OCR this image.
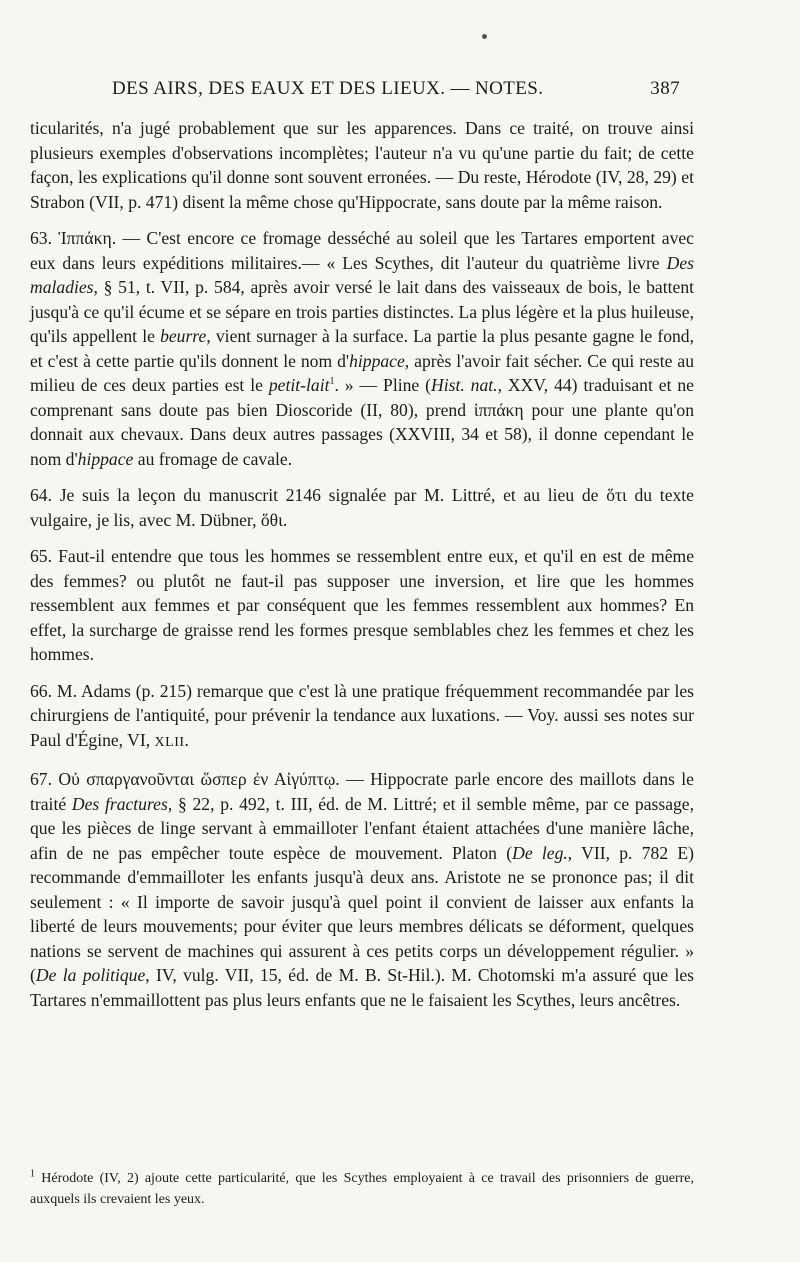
DES AIRS, DES EAUX ET DES LIEUX. — NOTES.	387

ticularités, n'a jugé probablement que sur les apparences. Dans ce traité, on trouve ainsi plusieurs exemples d'observations incomplètes; l'auteur n'a vu qu'une partie du fait; de cette façon, les explications qu'il donne sont souvent erronées. — Du reste, Hérodote (IV, 28, 29) et Strabon (VII, p. 471) disent la même chose qu'Hippocrate, sans doute par la même raison.

63. Ἱππάκη. — C'est encore ce fromage desséché au soleil que les Tartares emportent avec eux dans leurs expéditions militaires.— « Les Scythes, dit l'auteur du quatrième livre Des maladies, § 51, t. VII, p. 584, après avoir versé le lait dans des vaisseaux de bois, le battent jusqu'à ce qu'il écume et se sépare en trois parties distinctes. La plus légère et la plus huileuse, qu'ils appellent le beurre, vient surnager à la surface. La partie la plus pesante gagne le fond, et c'est à cette partie qu'ils donnent le nom d'hippace, après l'avoir fait sécher. Ce qui reste au milieu de ces deux parties est le petit-lait$^1$. » — Pline (Hist. nat., XXV, 44) traduisant et ne comprenant sans doute pas bien Dioscoride (II, 80), prend ἱππάκη pour une plante qu'on donnait aux chevaux. Dans deux autres passages (XXVIII, 34 et 58), il donne cependant le nom d'hippace au fromage de cavale.

64. Je suis la leçon du manuscrit 2146 signalée par M. Littré, et au lieu de ὅτι du texte vulgaire, je lis, avec M. Dübner, ὅθι.

65. Faut-il entendre que tous les hommes se ressemblent entre eux, et qu'il en est de même des femmes? ou plutôt ne faut-il pas supposer une inversion, et lire que les hommes ressemblent aux femmes et par conséquent que les femmes ressemblent aux hommes? En effet, la surcharge de graisse rend les formes presque semblables chez les femmes et chez les hommes.

66. M. Adams (p. 215) remarque que c'est là une pratique fréquemment recommandée par les chirurgiens de l'antiquité, pour prévenir la tendance aux luxations. — Voy. aussi ses notes sur Paul d'Égine, VI, XLII.

67. Οὐ σπαργανοῦνται ὥσπερ ἐν Αἰγύπτῳ. — Hippocrate parle encore des maillots dans le traité Des fractures, § 22, p. 492, t. III, éd. de M. Littré; et il semble même, par ce passage, que les pièces de linge servant à emmailloter l'enfant étaient attachées d'une manière lâche, afin de ne pas empêcher toute espèce de mouvement. Platon (De leg., VII, p. 782 E) recommande d'emmailloter les enfants jusqu'à deux ans. Aristote ne se prononce pas; il dit seulement : « Il importe de savoir jusqu'à quel point il convient de laisser aux enfants la liberté de leurs mouvements; pour éviter que leurs membres délicats se déforment, quelques nations se servent de machines qui assurent à ces petits corps un développement régulier. » (De la politique, IV, vulg. VII, 15, éd. de M. B. St-Hil.). M. Chotomski m'a assuré que les Tartares n'emmaillottent pas plus leurs enfants que ne le faisaient les Scythes, leurs ancêtres.

$^1$ Hérodote (IV, 2) ajoute cette particularité, que les Scythes employaient à ce travail des prisonniers de guerre, auxquels ils crevaient les yeux.
